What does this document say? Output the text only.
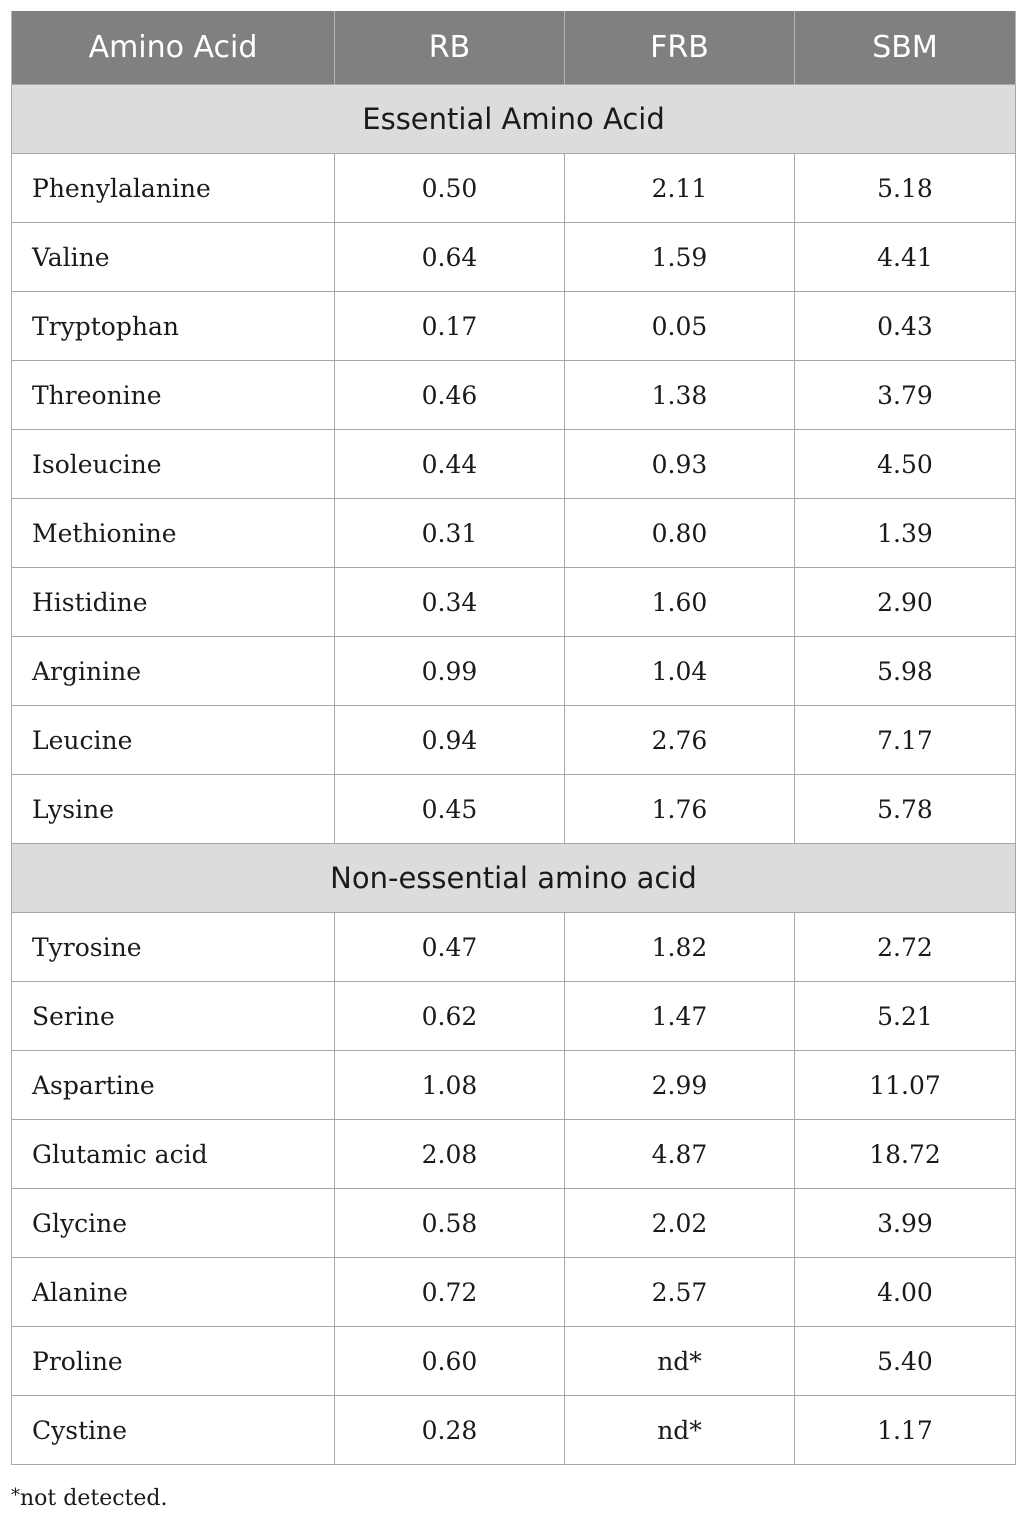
Amino Acid	RB	FRB	SBM
Essential Amino Acid			
Phenylalanine	0.50	2.11	5.18
Valine	0.64	1.59	4.41
Tryptophan	0.17	0.05	0.43
Threonine	0.46	1.38	3.79
Isoleucine	0.44	0.93	4.50
Methionine	0.31	0.80	1.39
Histidine	0.34	1.60	2.90
Arginine	0.99	1.04	5.98
Leucine	0.94	2.76	7.17
Lysine	0.45	1.76	5.78
Non-essential amino acid			
Tyrosine	0.47	1.82	2.72
Serine	0.62	1.47	5.21
Aspartine	1.08	2.99	11.07
Glutamic acid	2.08	4.87	18.72
Glycine	0.58	2.02	3.99
Alanine	0.72	2.57	4.00
Proline	0.60	nd*	5.40
Cystine	0.28	nd*	1.17
*not detected.
